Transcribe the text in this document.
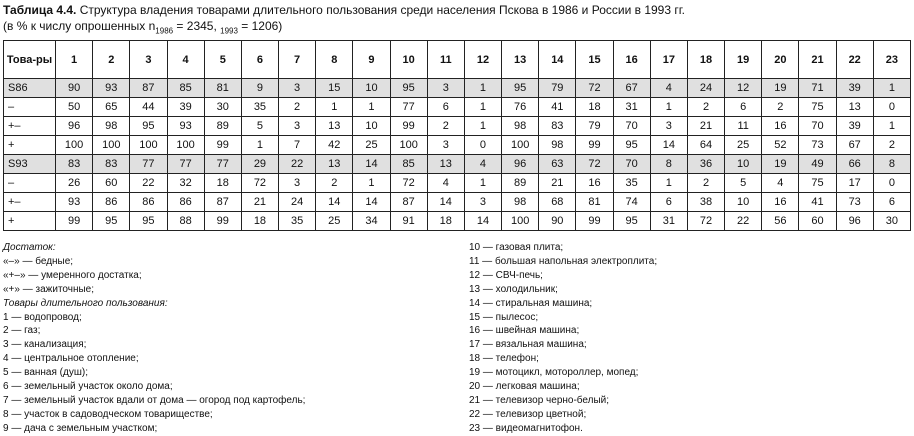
Таблица 4.4. Структура владения товарами длительного пользования среди населения Пскова в 1986 и России в 1993 гг.
(в % к числу опрошенных $n_{1986} = 2345$, $_{1993}$ = 1206)
Това-ры	1	2	3	4	5	6	7	8	9	10	11	12	13	14	15	16	17	18	19	20	21	22	23
S86	90	93	87	85	81	9	3	15	10	95	3	1	95	79	72	67	4	24	12	19	71	39	1
–	50	65	44	39	30	35	2	1	1	77	6	1	76	41	18	31	1	2	6	2	75	13	0
+–	96	98	95	93	89	5	3	13	10	99	2	1	98	83	79	70	3	21	11	16	70	39	1
+	100	100	100	100	99	1	7	42	25	100	3	0	100	98	99	95	14	64	25	52	73	67	2
S93	83	83	77	77	77	29	22	13	14	85	13	4	96	63	72	70	8	36	10	19	49	66	8
–	26	60	22	32	18	72	3	2	1	72	4	1	89	21	16	35	1	2	5	4	75	17	0
+–	93	86	86	86	87	21	24	14	14	87	14	3	98	68	81	74	6	38	10	16	41	73	6
+	99	95	95	88	99	18	35	25	34	91	18	14	100	90	99	95	31	72	22	56	60	96	30
Достаток:
«–» — бедные;
«+–» — умеренного достатка;
«+» — зажиточные;
Товары длительного пользования:
1 — водопровод;
2 — газ;
3 — канализация;
4 — центральное отопление;
5 — ванная (душ);
6 — земельный участок около дома;
7 — земельный участок вдали от дома — огород под картофель;
8 — участок в садоводческом товариществе;
9 — дача с земельным участком;
10 — газовая плита;
11 — большая напольная электроплита;
12 — СВЧ-печь;
13 — холодильник;
14 — стиральная машина;
15 — пылесос;
16 — швейная машина;
17 — вязальная машина;
18 — телефон;
19 — мотоцикл, мотороллер, мопед;
20 — легковая машина;
21 — телевизор черно-белый;
22 — телевизор цветной;
23 — видеомагнитофон.
